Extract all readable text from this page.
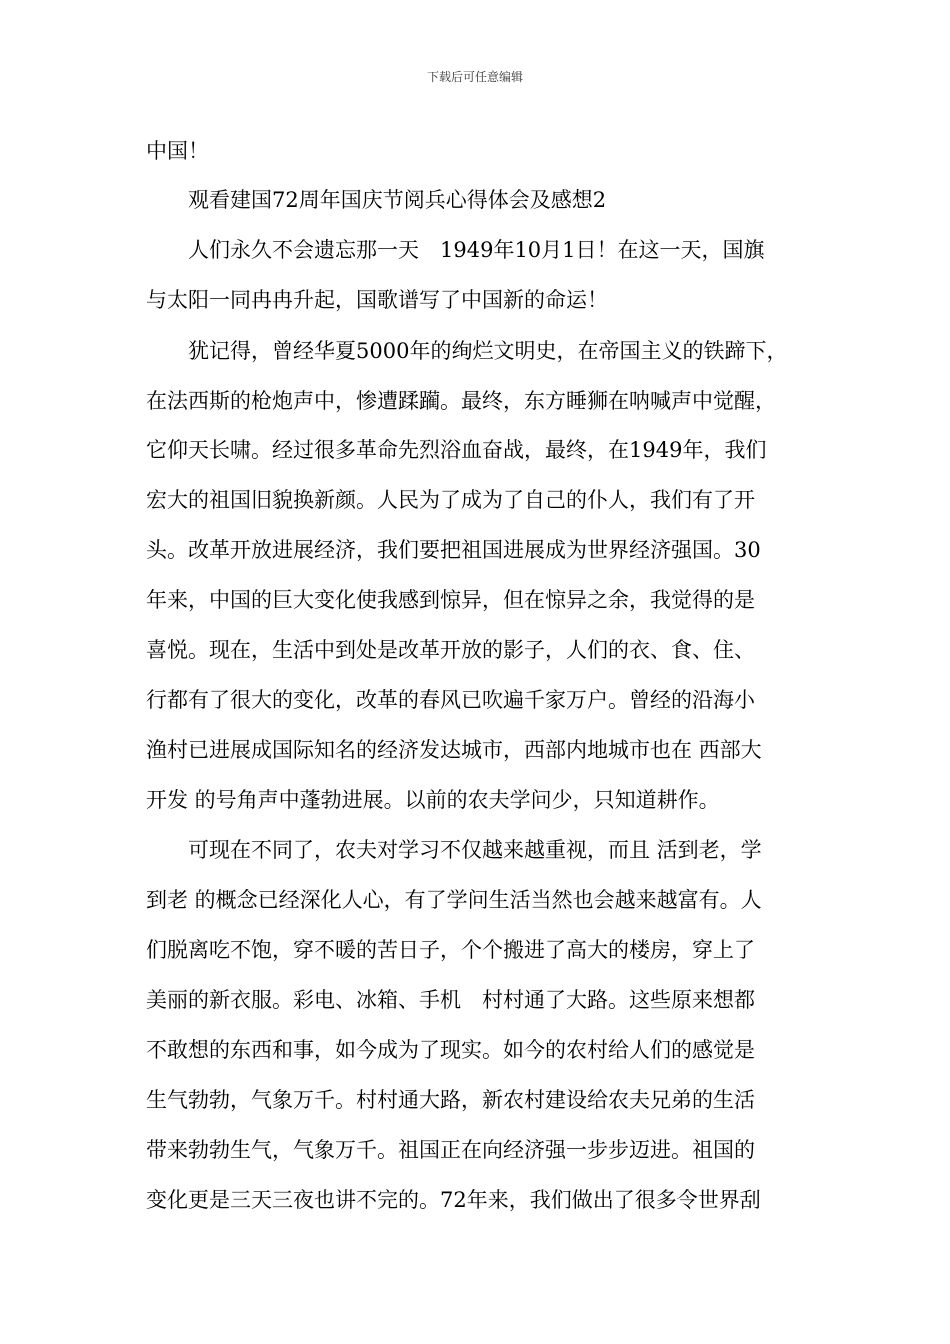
下载后可任意编辑
中国！
　　观看建国72周年国庆节阅兵心得体会及感想2
　　人们永久不会遗忘那一天　1949年10月1日！在这一天，国旗
与太阳一同冉冉升起，国歌谱写了中国新的命运！
　　犹记得，曾经华夏5000年的绚烂文明史，在帝国主义的铁蹄下，
在法西斯的枪炮声中，惨遭蹂躏。最终，东方睡狮在呐喊声中觉醒，
它仰天长啸。经过很多革命先烈浴血奋战，最终，在1949年，我们
宏大的祖国旧貌换新颜。人民为了成为了自己的仆人，我们有了开
头。改革开放进展经济，我们要把祖国进展成为世界经济强国。30
年来，中国的巨大变化使我感到惊异，但在惊异之余，我觉得的是
喜悦。现在，生活中到处是改革开放的影子，人们的衣、食、住、
行都有了很大的变化，改革的春风已吹遍千家万户。曾经的沿海小
渔村已进展成国际知名的经济发达城市，西部内地城市也在 西部大
开发 的号角声中蓬勃进展。以前的农夫学问少，只知道耕作。
　　可现在不同了，农夫对学习不仅越来越重视，而且 活到老，学
到老 的概念已经深化人心，有了学问生活当然也会越来越富有。人
们脱离吃不饱，穿不暖的苦日子，个个搬进了高大的楼房，穿上了
美丽的新衣服。彩电、冰箱、手机　村村通了大路。这些原来想都
不敢想的东西和事，如今成为了现实。如今的农村给人们的感觉是
生气勃勃，气象万千。村村通大路，新农村建设给农夫兄弟的生活
带来勃勃生气，气象万千。祖国正在向经济强一步步迈进。祖国的
变化更是三天三夜也讲不完的。72年来，我们做出了很多令世界刮
